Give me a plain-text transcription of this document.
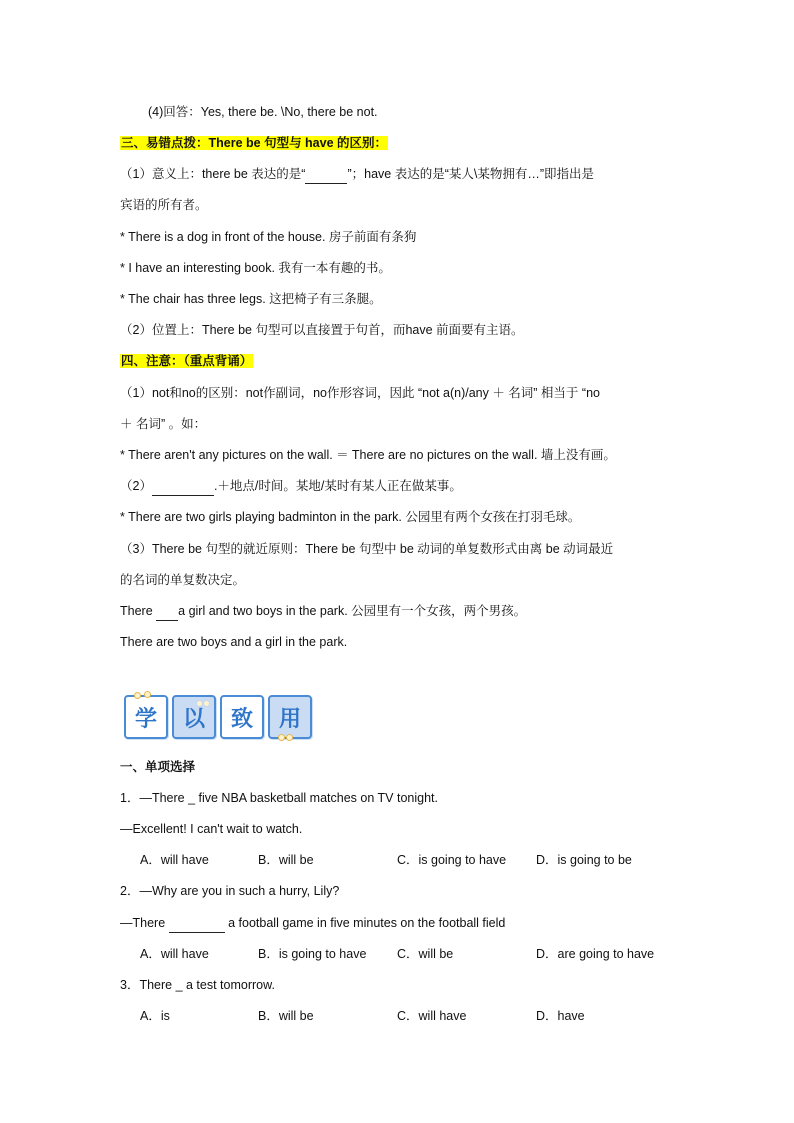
(4)回答：Yes, there be. \No, there be not.
三、易错点拨：There be 句型与 have 的区别：
（1）意义上：there be 表达的是“	”；have 表达的是“某人\某物拥有…”即指出是
宾语的所有者。
* There is a dog in front of the house. 房子前面有条狗
* I have an interesting book. 我有一本有趣的书。
* The chair has three legs. 这把椅子有三条腿。
（2）位置上：There be 句型可以直接置于句首，而have 前面要有主语。
四、注意：（重点背诵）
（1）not和no的区别：not作副词，no作形容词，因此 “not a(n)/any ＋ 名词” 相当于 “no
＋ 名词” 。如：
* There aren't any pictures on the wall. ＝ There are no pictures on the wall. 墙上没有画。
（2）	.＋地点/时间。某地/某时有某人正在做某事。
* There are two girls playing badminton in the park. 公园里有两个女孩在打羽毛球。
（3）There be 句型的就近原则：There be 句型中 be 动词的单复数形式由离 be 动词最近
的名词的单复数决定。
There a girl and two boys in the park. 公园里有一个女孩，两个男孩。
There are two boys and a girl in the park.
学 以 致 用
一、单项选择
1．—There _ five NBA basketball matches on TV tonight.
—Excellent! I can't wait to watch.
A．will have	B．will be	C．is going to have D．is going to be
2．—Why are you in such a hurry, Lily?
—There	a football game in five minutes on the football field
A．will have	B．is going to have C．will be	D．are going to have
3．There _ a test tomorrow.
A．is	B．will be	C．will have	D．have
